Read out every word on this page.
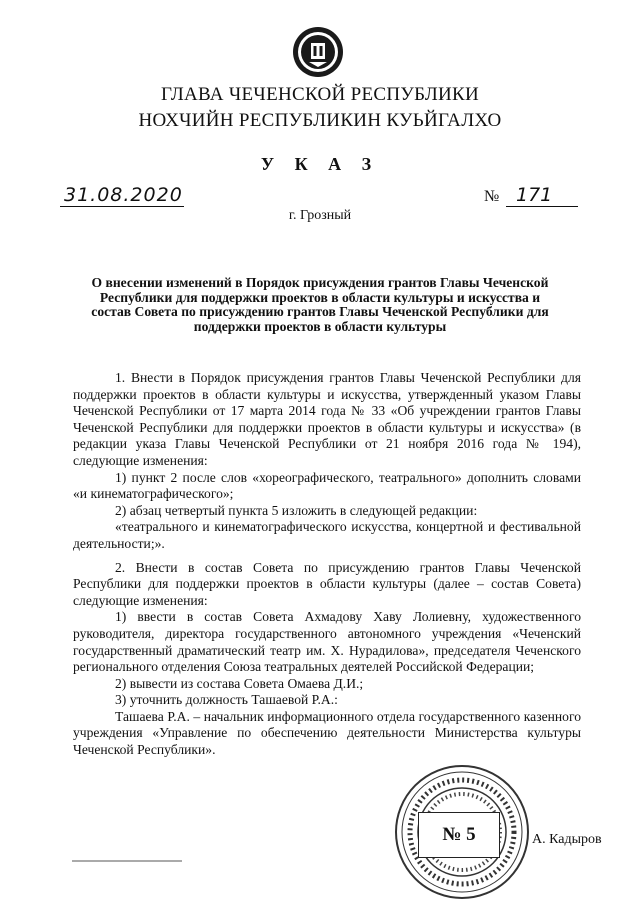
ГЛАВА ЧЕЧЕНСКОЙ РЕСПУБЛИКИ
НОХЧИЙН РЕСПУБЛИКИН КУЬЙГАЛХО
У К А З
31.08.2020	№ 171
г. Грозный
О внесении изменений в Порядок присуждения грантов Главы Чеченской Республики для поддержки проектов в области культуры и искусства и состав Совета по присуждению грантов Главы Чеченской Республики для поддержки проектов в области культуры

1. Внести в Порядок присуждения грантов Главы Чеченской Республики для поддержки проектов в области культуры и искусства, утвержденный указом Главы Чеченской Республики от 17 марта 2014 года № 33 «Об учреждении грантов Главы Чеченской Республики для поддержки проектов в области культуры и искусства» (в редакции указа Главы Чеченской Республики от 21 ноября 2016 года № 194), следующие изменения:

1) пункт 2 после слов «хореографического, театрального» дополнить словами «и кинематографического»;

2) абзац четвертый пункта 5 изложить в следующей редакции:

«театрального и кинематографического искусства, концертной и фестивальной деятельности;».

2. Внести в состав Совета по присуждению грантов Главы Чеченской Республики для поддержки проектов в области культуры (далее – состав Совета) следующие изменения:

1) ввести в состав Совета Ахмадову Хаву Лолиевну, художественного руководителя, директора государственного автономного учреждения «Чеченский государственный драматический театр им. Х. Нурадилова», председателя Чеченского регионального отделения Союза театральных деятелей Российской Федерации;

2) вывести из состава Совета Омаева Д.И.;

3) уточнить должность Ташаевой Р.А.:

Ташаева Р.А. – начальник информационного отдела государственного казенного учреждения «Управление по обеспечению деятельности Министерства культуры Чеченской Республики».

№ 5	А. Кадыров
